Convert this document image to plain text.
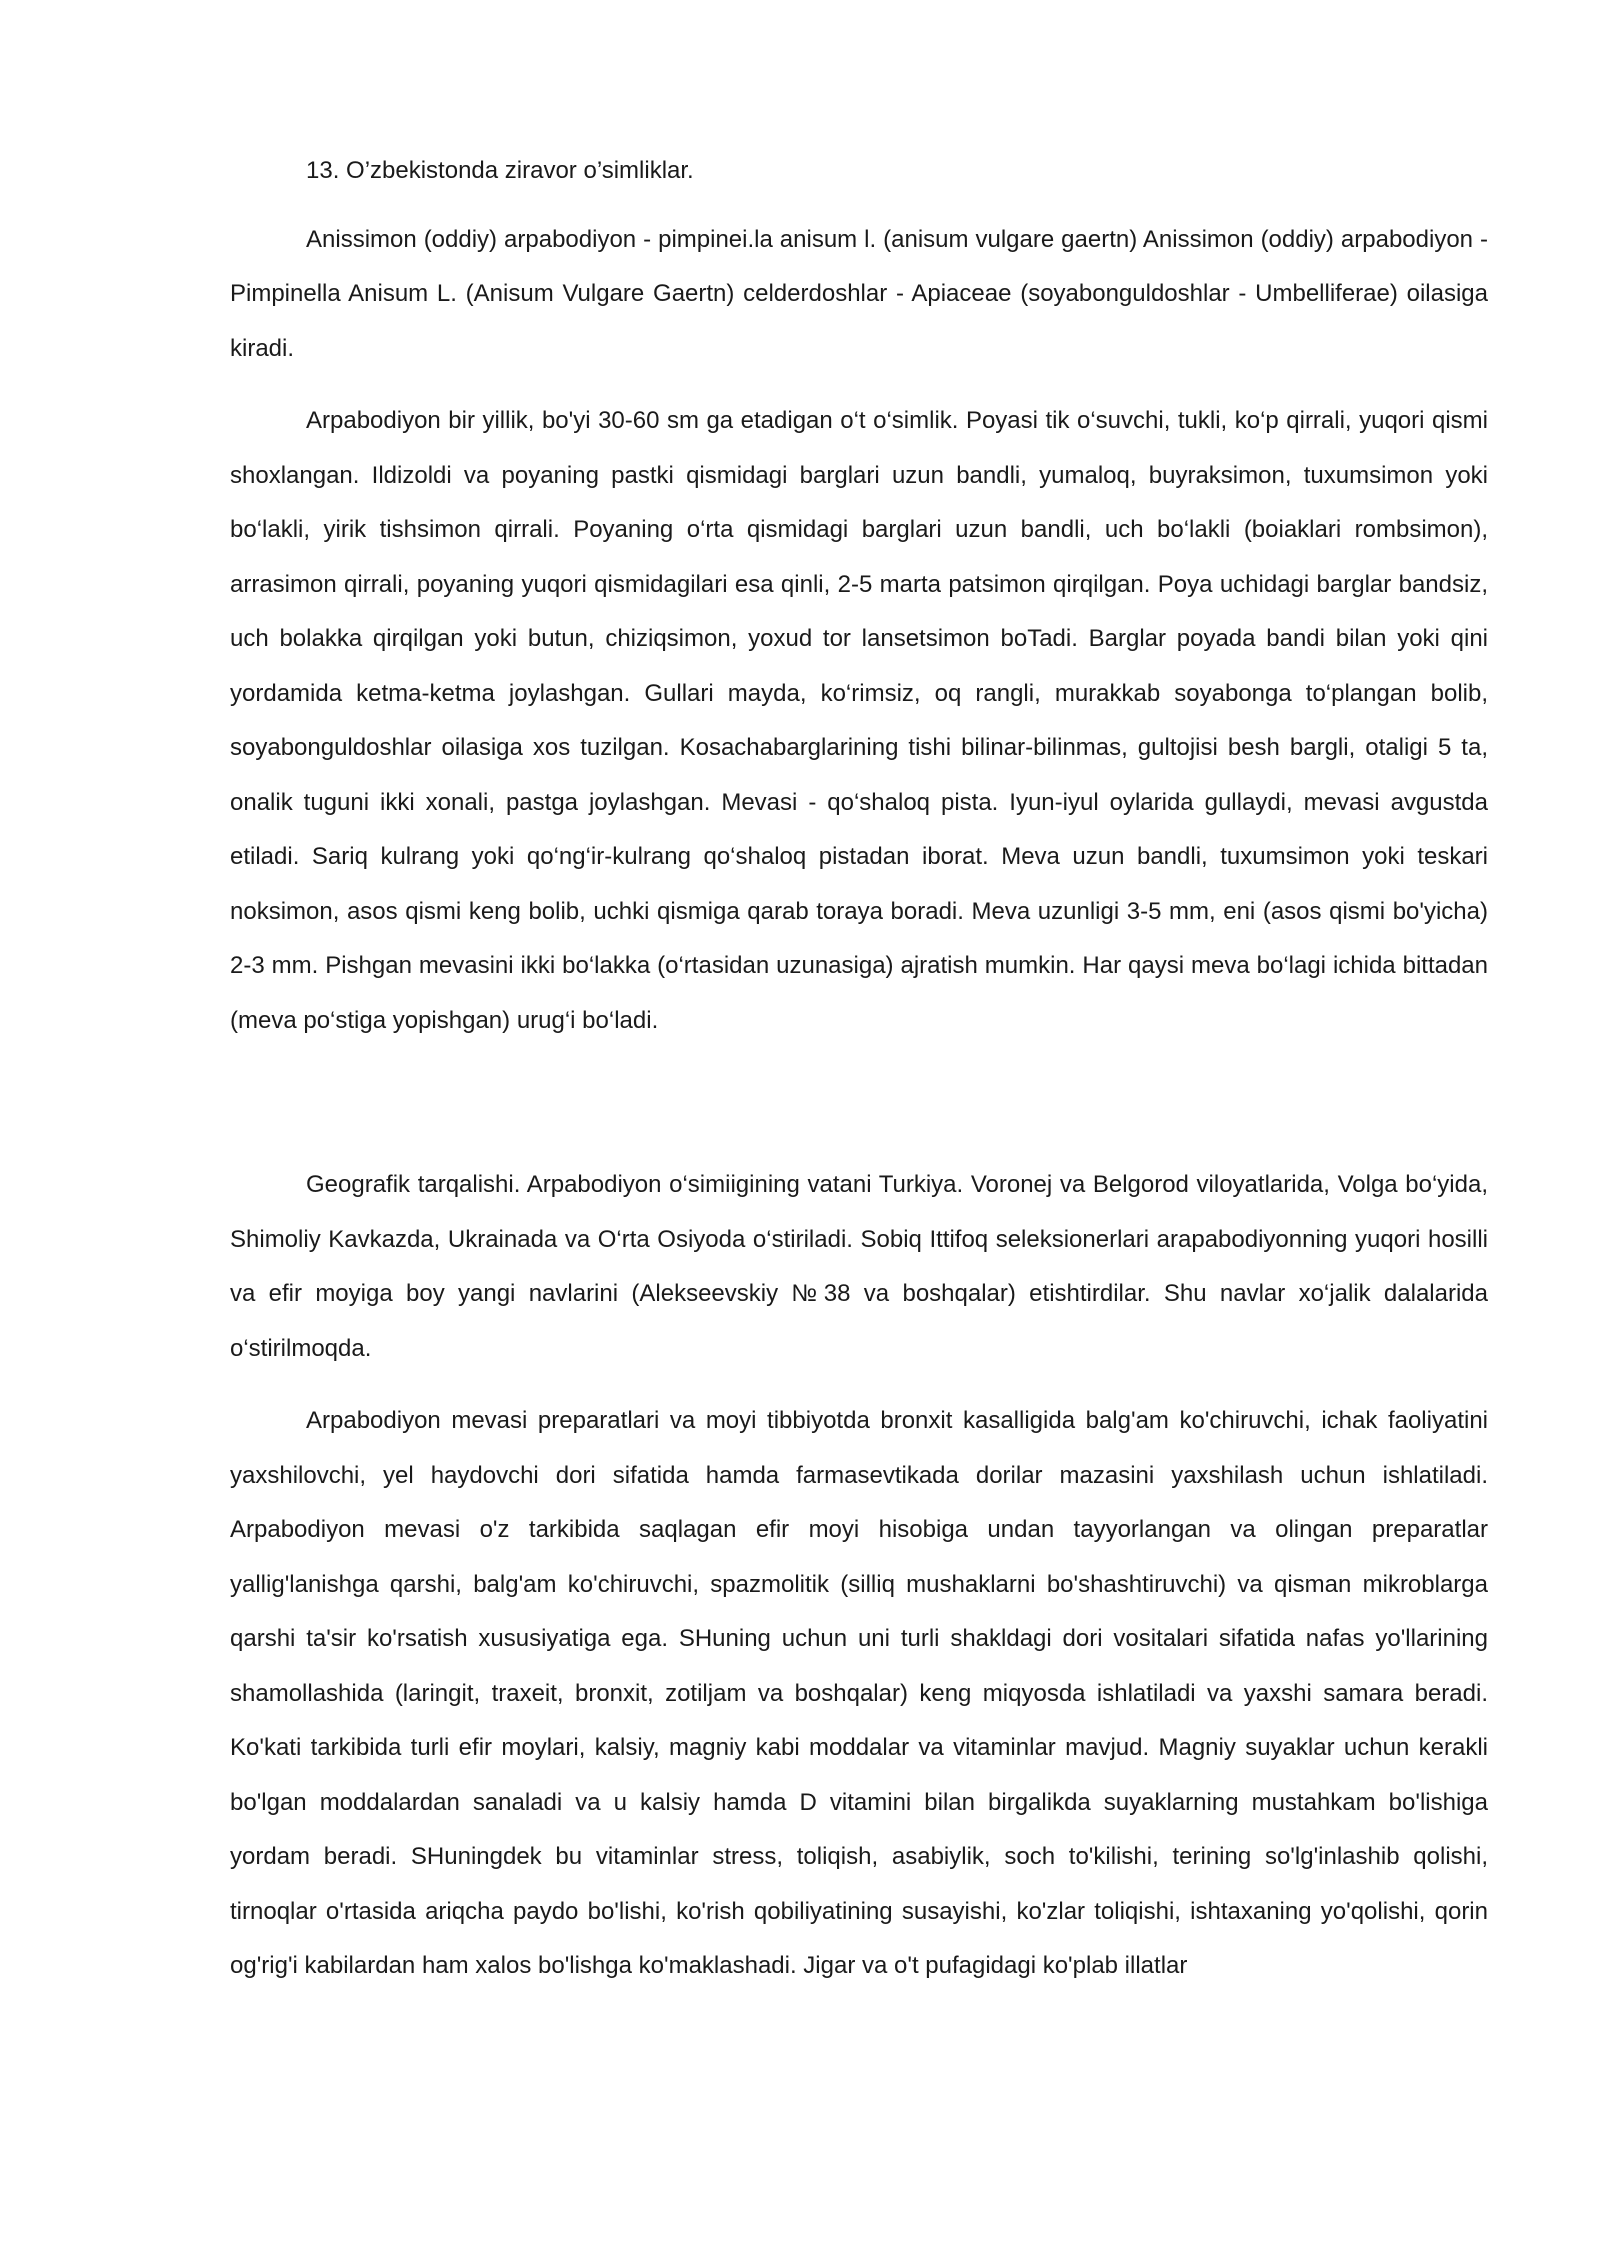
13. O’zbekistonda ziravor o’simliklar.

Anissimon (oddiy) arpabodiyon - pimpinei.la anisum l. (anisum vulgare gaertn) Anissimon (oddiy) arpabodiyon - Pimpinella Anisum L. (Anisum Vulgare Gaertn) celderdoshlar - Apiaceae (soyabonguldoshlar - Umbelliferae) oilasiga kiradi.

Arpabodiyon bir yillik, bo'yi 30-60 sm ga etadigan o‘t o‘simlik. Poyasi tik o‘suvchi, tukli, ko‘p qirrali, yuqori qismi shoxlangan. Ildizoldi va poyaning pastki qismidagi barglari uzun bandli, yumaloq, buyraksimon, tuxumsimon yoki bo‘lakli, yirik tishsimon qirrali. Poyaning o‘rta qismidagi barglari uzun bandli, uch bo‘lakli (boiaklari rombsimon), arrasimon qirrali, poyaning yuqori qismidagilari esa qinli, 2-5 marta patsimon qirqilgan. Poya uchidagi barglar bandsiz, uch bolakka qirqilgan yoki butun, chiziqsimon, yoxud tor lansetsimon boTadi. Barglar poyada bandi bilan yoki qini yordamida ketma-ketma joylashgan. Gullari mayda, ko‘rimsiz, oq rangli, murakkab soyabonga to‘plangan bolib, soyabonguldoshlar oilasiga xos tuzilgan. Kosachabarglarining tishi bilinar-bilinmas, gultojisi besh bargli, otaligi 5 ta, onalik tuguni ikki xonali, pastga joylashgan. Mevasi - qo‘shaloq pista. Iyun-iyul oylarida gullaydi, mevasi avgustda etiladi. Sariq kulrang yoki qo‘ng‘ir-kulrang qo‘shaloq pistadan iborat. Meva uzun bandli, tuxumsimon yoki teskari noksimon, asos qismi keng bolib, uchki qismiga qarab toraya boradi. Meva uzunligi 3-5 mm, eni (asos qismi bo'yicha) 2-3 mm. Pishgan mevasini ikki bo‘lakka (o‘rtasidan uzunasiga) ajratish mumkin. Har qaysi meva bo‘lagi ichida bittadan (meva po‘stiga yopishgan) urug‘i bo‘ladi.

Geografik tarqalishi. Arpabodiyon o‘simiigining vatani Turkiya. Voronej va Belgorod viloyatlarida, Volga bo‘yida, Shimoliy Kavkazda, Ukrainada va O‘rta Osiyoda o‘stiriladi. Sobiq Ittifoq seleksionerlari arapabodiyonning yuqori hosilli va efir moyiga boy yangi navlarini (Alekseevskiy №38 va boshqalar) etishtirdilar. Shu navlar xo‘jalik dalalarida o‘stirilmoqda.

Arpabodiyon mevasi preparatlari va moyi tibbiyotda bronxit kasalligida balg'am ko'chiruvchi, ichak faoliyatini yaxshilovchi, yel haydovchi dori sifatida hamda farmasevtikada dorilar mazasini yaxshilash uchun ishlatiladi. Arpabodiyon mevasi o'z tarkibida saqlagan efir moyi hisobiga undan tayyorlangan va olingan preparatlar yallig'lanishga qarshi, balg'am ko'chiruvchi, spazmolitik (silliq mushaklarni bo'shashtiruvchi) va qisman mikroblarga qarshi ta'sir ko'rsatish xususiyatiga ega. SHuning uchun uni turli shakldagi dori vositalari sifatida nafas yo'llarining shamollashida (laringit, traxeit, bronxit, zotiljam va boshqalar) keng miqyosda ishlatiladi va yaxshi samara beradi. Ko'kati tarkibida turli efir moylari, kalsiy, magniy kabi moddalar va vitaminlar mavjud. Magniy suyaklar uchun kerakli bo'lgan moddalardan sanaladi va u kalsiy hamda D vitamini bilan birgalikda suyaklarning mustahkam bo'lishiga yordam beradi. SHuningdek bu vitaminlar stress, toliqish, asabiylik, soch to'kilishi, terining so'lg'inlashib qolishi, tirnoqlar o'rtasida ariqcha paydo bo'lishi, ko'rish qobiliyatining susayishi, ko'zlar toliqishi, ishtaxaning yo'qolishi, qorin og'rig'i kabilardan ham xalos bo'lishga ko'maklashadi. Jigar va o't pufagidagi ko'plab illatlar
